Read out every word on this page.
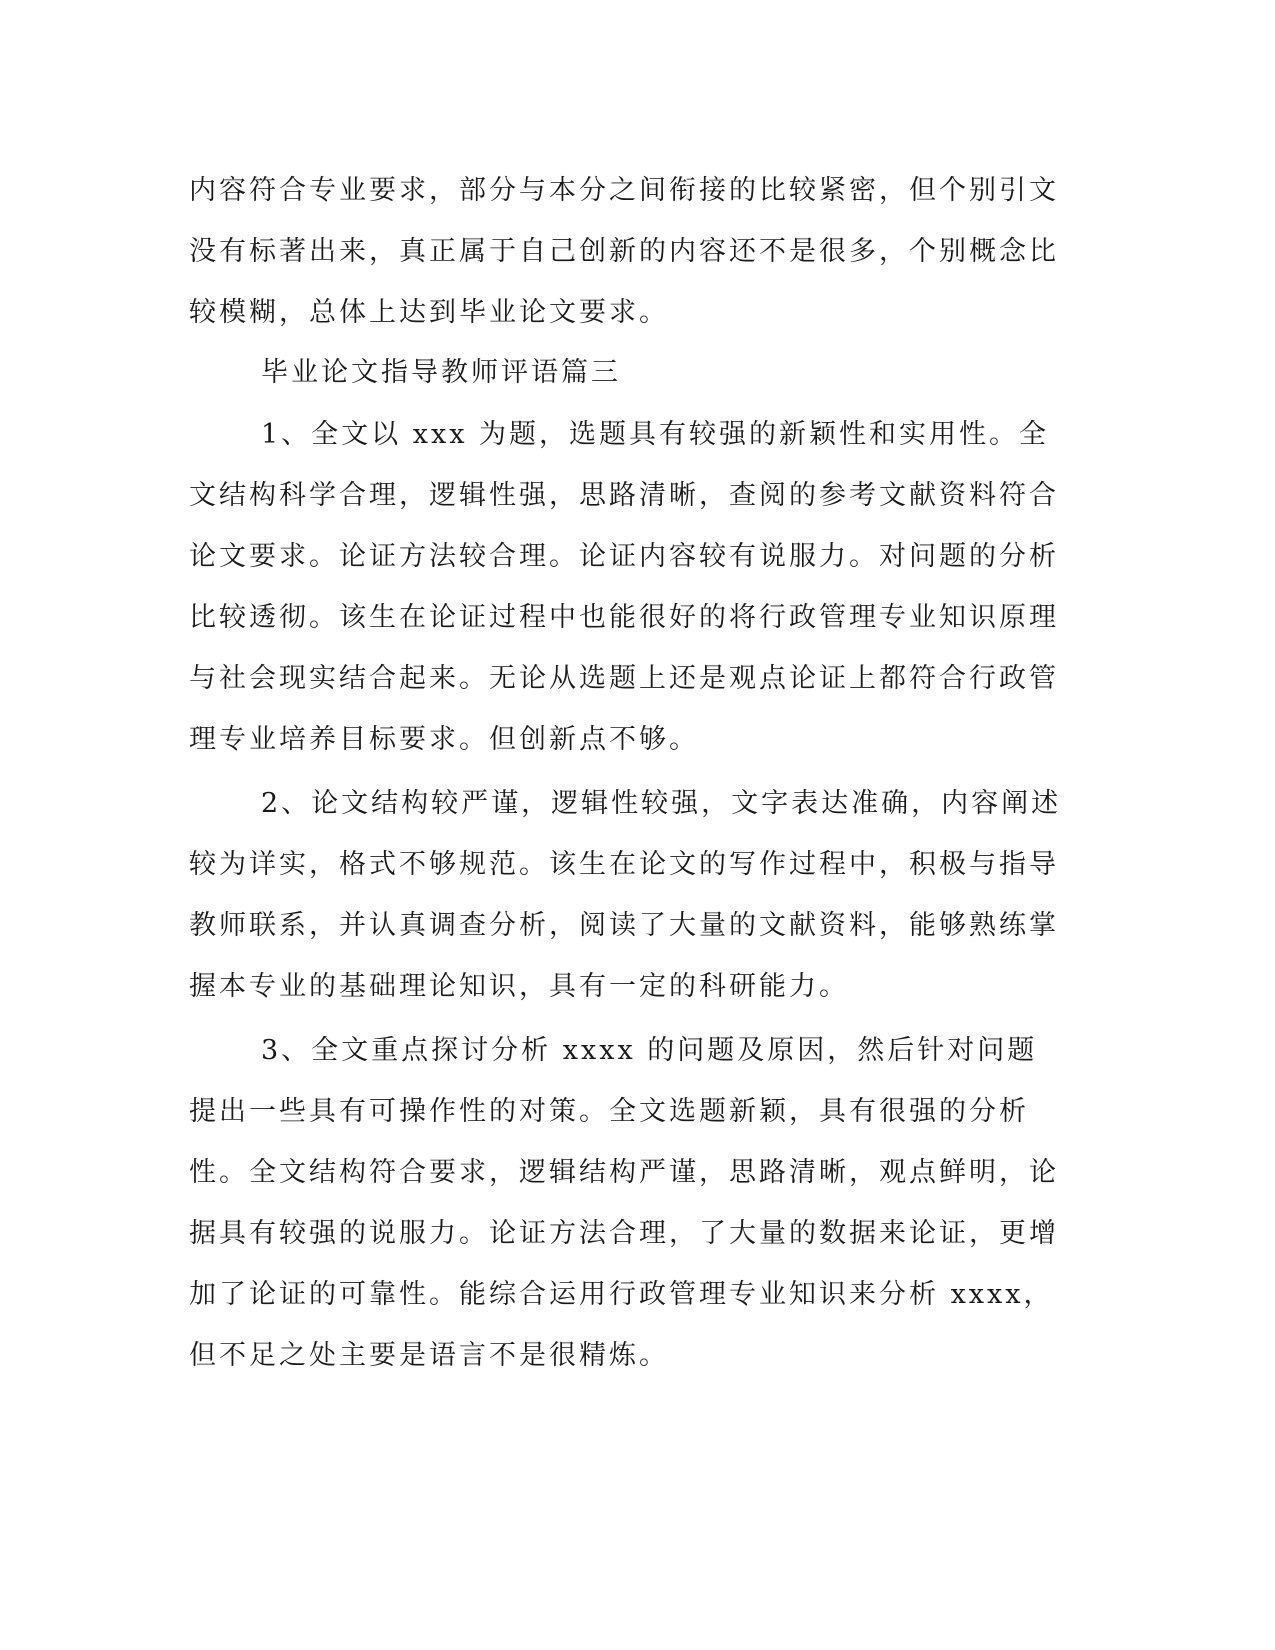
内容符合专业要求，部分与本分之间衔接的比较紧密，但个别引文没有标著出来，真正属于自己创新的内容还不是很多，个别概念比较模糊，总体上达到毕业论文要求。

毕业论文指导教师评语篇三

1、全文以 xxx 为题，选题具有较强的新颖性和实用性。全文结构科学合理，逻辑性强，思路清晰，查阅的参考文献资料符合论文要求。论证方法较合理。论证内容较有说服力。对问题的分析比较透彻。该生在论证过程中也能很好的将行政管理专业知识原理与社会现实结合起来。无论从选题上还是观点论证上都符合行政管理专业培养目标要求。但创新点不够。

2、论文结构较严谨，逻辑性较强，文字表达准确，内容阐述较为详实，格式不够规范。该生在论文的写作过程中，积极与指导教师联系，并认真调查分析，阅读了大量的文献资料，能够熟练掌握本专业的基础理论知识，具有一定的科研能力。

3、全文重点探讨分析 xxxx 的问题及原因，然后针对问题提出一些具有可操作性的对策。全文选题新颖，具有很强的分析性。全文结构符合要求，逻辑结构严谨，思路清晰，观点鲜明，论据具有较强的说服力。论证方法合理，了大量的数据来论证，更增加了论证的可靠性。能综合运用行政管理专业知识来分析 xxxx，但不足之处主要是语言不是很精炼。
